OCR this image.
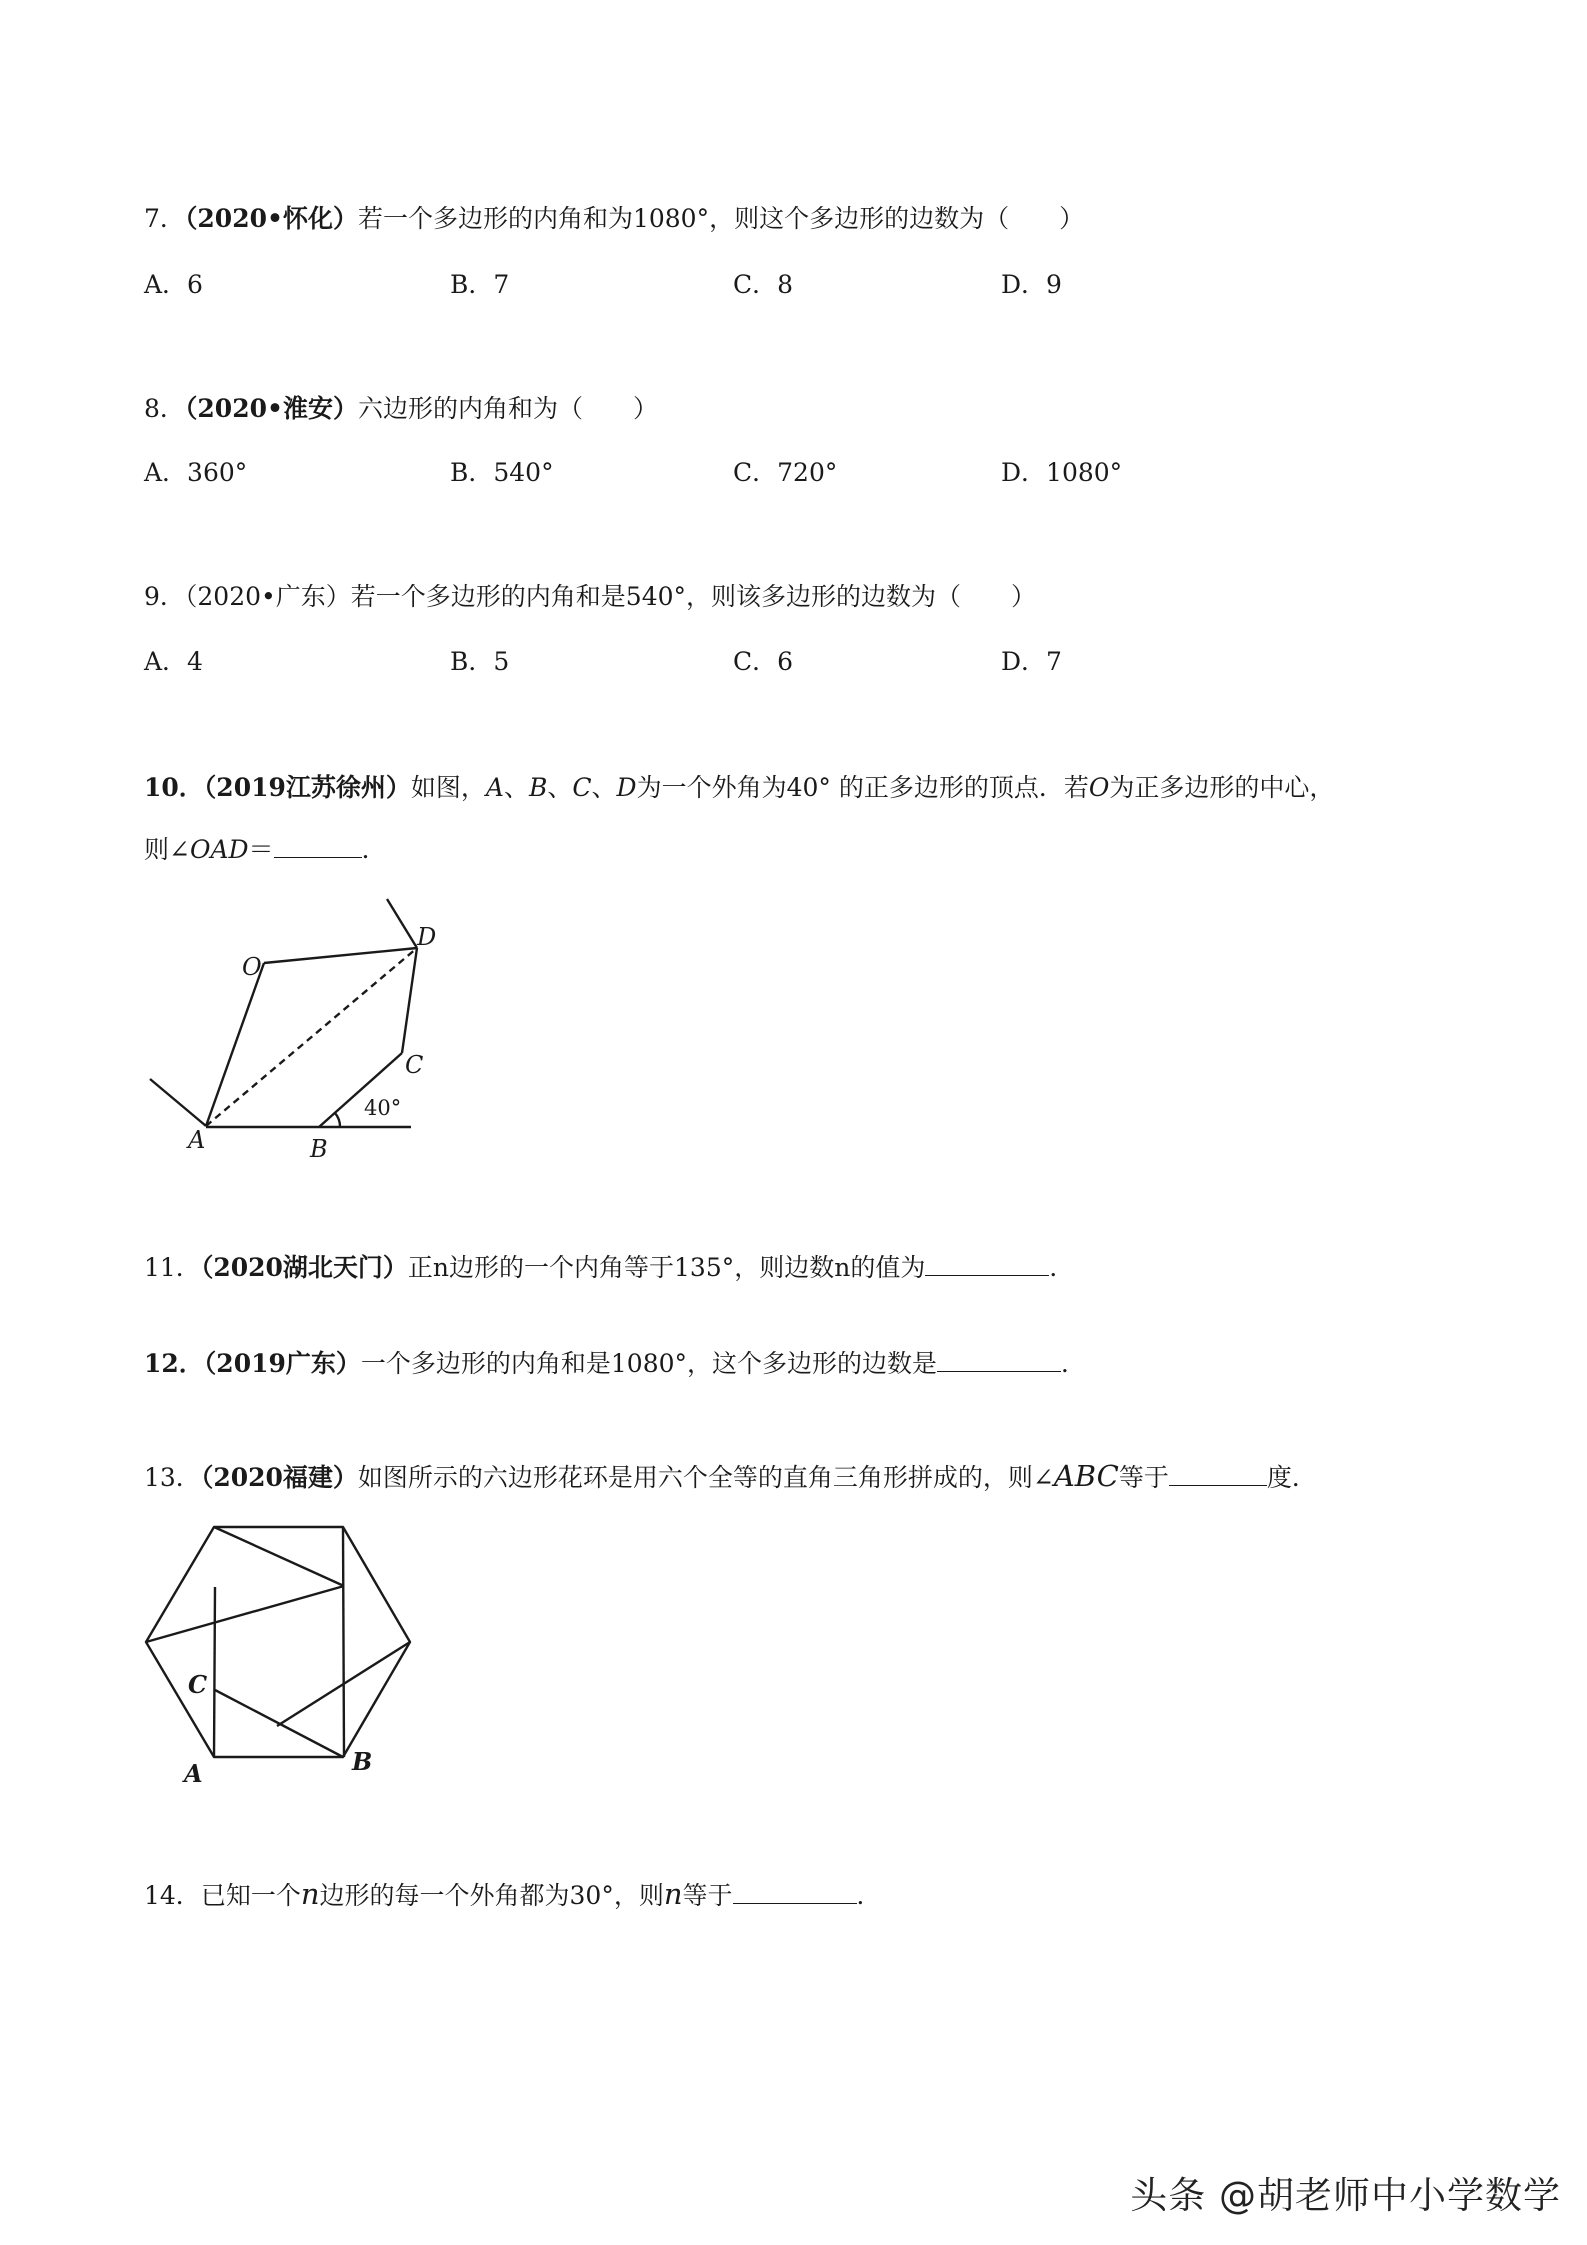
7．（2020•怀化）若一个多边形的内角和为1080°，则这个多边形的边数为（　　）
A．6	B．7	C．8	D．9
8．（2020•淮安）六边形的内角和为（　　）
A．360°	B．540°	C．720°	D．1080°
9．（2020•广东）若一个多边形的内角和是540°，则该多边形的边数为（　　）
A．4	B．5	C．6	D．7
10．（2019江苏徐州）如图，A、B、C、D为一个外角为40° 的正多边形的顶点．若O为正多边形的中心，
则∠OAD＝	．
O
D
C
A	B
40°
11．（2020湖北天门）正n边形的一个内角等于135°，则边数n的值为	．
12．（2019广东）一个多边形的内角和是1080°，这个多边形的边数是	．
13．（2020福建）如图所示的六边形花环是用六个全等的直角三角形拼成的，则∠ABC等于	度．
C
A	B
14．已知一个n边形的每一个外角都为30°，则n等于	．
头条 @胡老师中小学数学
